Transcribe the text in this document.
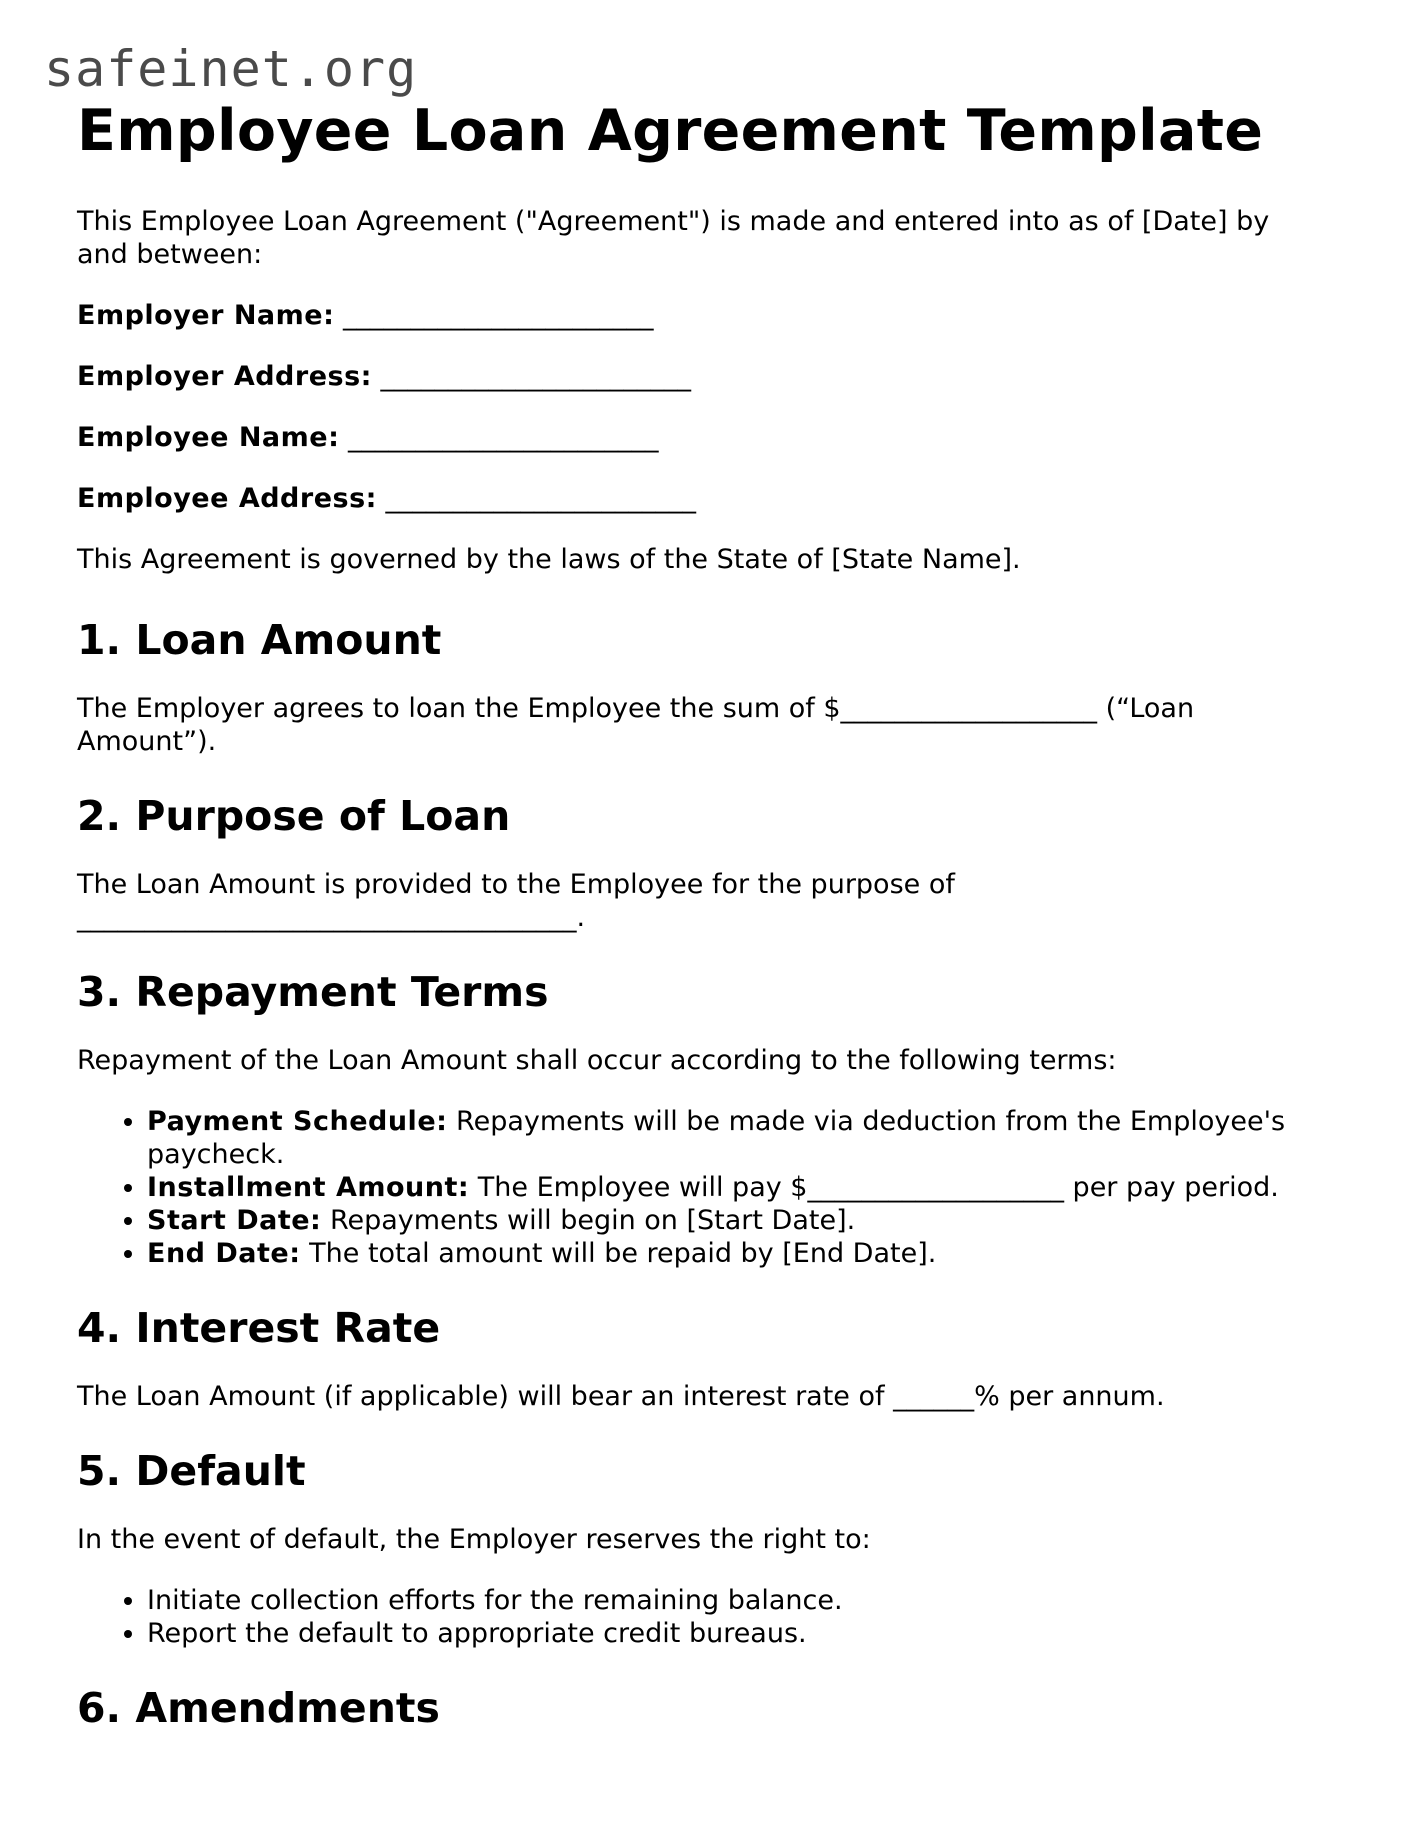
safeinet.org
Employee Loan Agreement Template

This Employee Loan Agreement ("Agreement") is made and entered into as of [Date] by and between:

Employer Name: _______________________

Employer Address: _______________________

Employee Name: _______________________

Employee Address: _______________________

This Agreement is governed by the laws of the State of [State Name].

1. Loan Amount

The Employer agrees to loan the Employee the sum of $___________________ (“Loan Amount”).

2. Purpose of Loan

The Loan Amount is provided to the Employee for the purpose of _____________________________________.

3. Repayment Terms

Repayment of the Loan Amount shall occur according to the following terms:

• Payment Schedule: Repayments will be made via deduction from the Employee's paycheck.
• Installment Amount: The Employee will pay $___________________ per pay period.
• Start Date: Repayments will begin on [Start Date].
• End Date: The total amount will be repaid by [End Date].
4. Interest Rate

The Loan Amount (if applicable) will bear an interest rate of ______% per annum.

5. Default

In the event of default, the Employer reserves the right to:

• Initiate collection efforts for the remaining balance.
• Report the default to appropriate credit bureaus.
6. Amendments
